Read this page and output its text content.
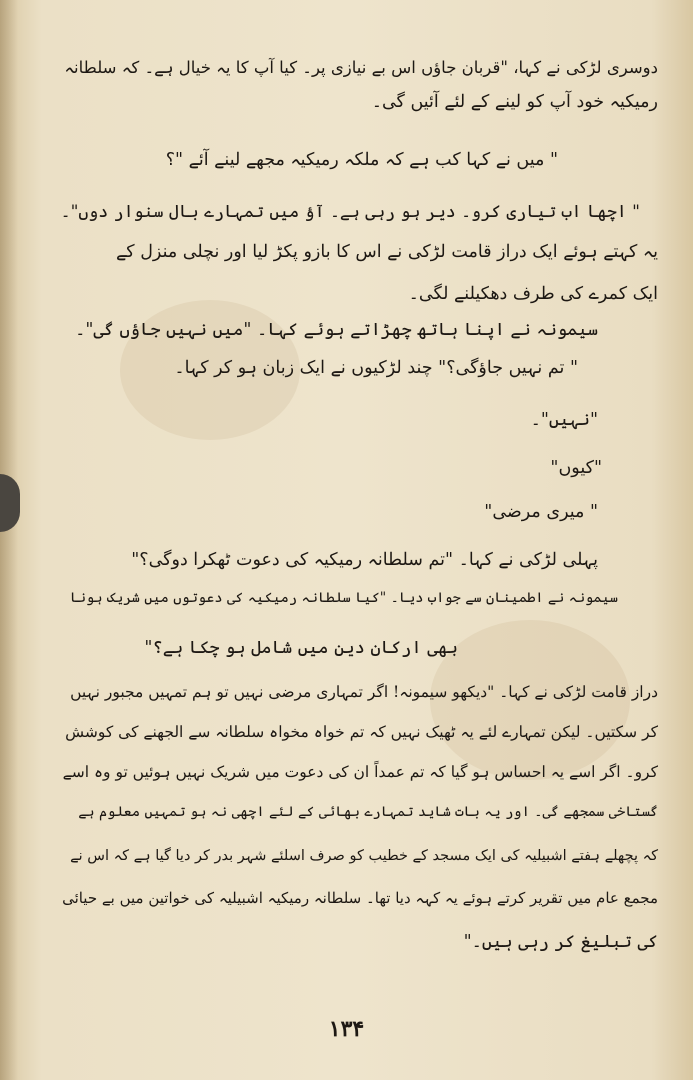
دوسری لڑکی نے کہا، "قربان جاؤں اس بے نیازی پر۔ کیا آپ کا یہ خیال ہے۔ کہ سلطانہ
رمیکیہ خود آپ کو لینے کے لئے آئیں گی۔
" میں نے کہا کب ہے کہ ملکہ رمیکیہ مجھے لینے آئے "؟
" اچھا اب تیاری کرو۔ دیر ہو رہی ہے۔ آؤ میں تمہارے بال سنوار دوں"۔
یہ کہتے ہوئے ایک دراز قامت لڑکی نے اس کا بازو پکڑ لیا اور نچلی منزل کے
ایک کمرے کی طرف دھکیلنے لگی۔
سیمونہ نے اپنا ہاتھ چھڑاتے ہوئے کہا۔ "میں نہیں جاؤں گی"۔
" تم نہیں جاؤگی؟" چند لڑکیوں نے ایک زبان ہو کر کہا۔
"نہیں"۔
"کیوں"
" میری مرضی"
پہلی لڑکی نے کہا۔ "تم سلطانہ رمیکیہ کی دعوت ٹھکرا دوگی؟"
سیمونہ نے اطمینان سے جواب دیا۔ "کیا سلطانہ رمیکیہ کی دعوتوں میں شریک ہونا
بھی ارکان دین میں شامل ہو چکا ہے؟"
دراز قامت لڑکی نے کہا۔ "دیکھو سیمونہ! اگر تمہاری مرضی نہیں تو ہم تمہیں مجبور نہیں
کر سکتیں۔ لیکن تمہارے لئے یہ ٹھیک نہیں کہ تم خواہ مخواہ سلطانہ سے الجھنے کی کوشش
کرو۔ اگر اسے یہ احساس ہو گیا کہ تم عمداً ان کی دعوت میں شریک نہیں ہوئیں تو وہ اسے
گستاخی سمجھے گی۔ اور یہ بات شاید تمہارے بھائی کے لئے اچھی نہ ہو تمہیں معلوم ہے
کہ پچھلے ہفتے اشبیلیہ کی ایک مسجد کے خطیب کو صرف اسلئے شہر بدر کر دیا گیا ہے کہ اس نے
مجمع عام میں تقریر کرتے ہوئے یہ کہہ دیا تھا۔ سلطانہ رمیکیہ اشبیلیہ کی خواتین میں بے حیائی
کی تبلیغ کر رہی ہیں۔"
۱۳۴
